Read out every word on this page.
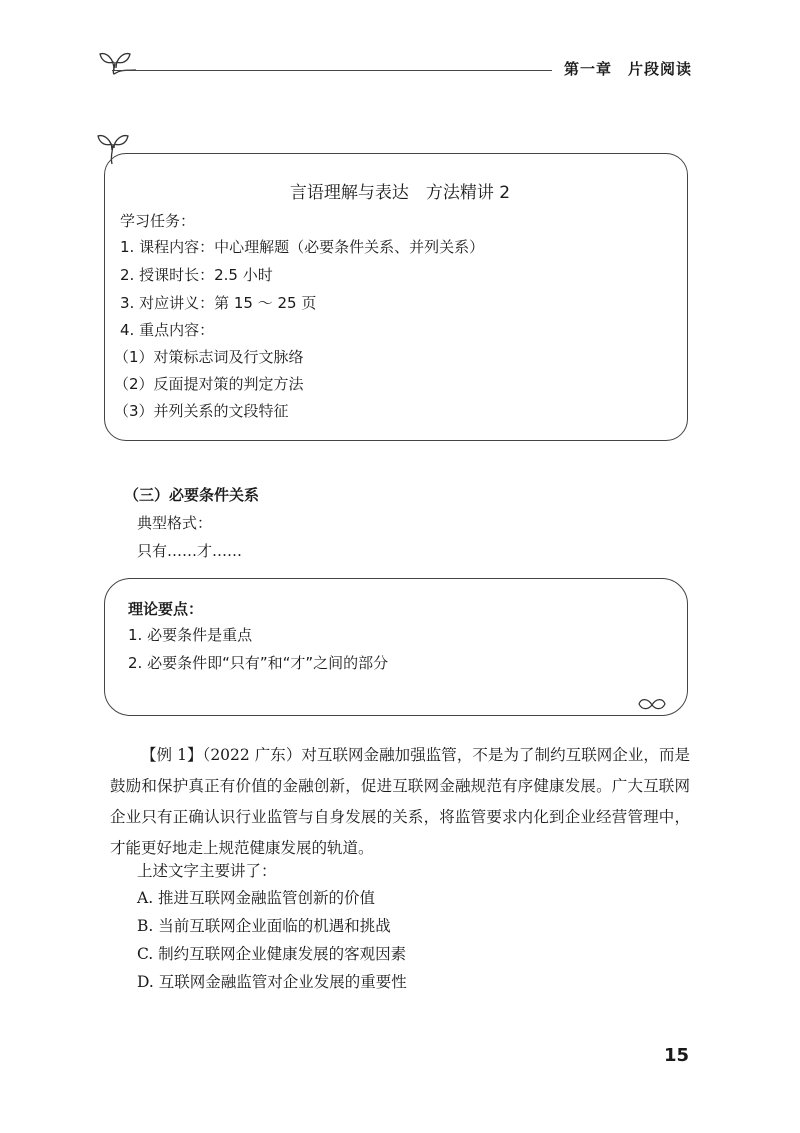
第一章　片段阅读
言语理解与表达　方法精讲 2
学习任务：
1. 课程内容：中心理解题（必要条件关系、并列关系）
2. 授课时长：2.5 小时
3. 对应讲义：第 15 ～ 25 页
4. 重点内容：
（1）对策标志词及行文脉络
（2）反面提对策的判定方法
（3）并列关系的文段特征
（三）必要条件关系
典型格式：
只有……才……
理论要点：
1. 必要条件是重点
2. 必要条件即“只有”和“才”之间的部分
【例 1】（2022 广东）对互联网金融加强监管，不是为了制约互联网企业，而是鼓励和保护真正有价值的金融创新，促进互联网金融规范有序健康发展。广大互联网企业只有正确认识行业监管与自身发展的关系，将监管要求内化到企业经营管理中，才能更好地走上规范健康发展的轨道。
上述文字主要讲了：
A. 推进互联网金融监管创新的价值
B. 当前互联网企业面临的机遇和挑战
C. 制约互联网企业健康发展的客观因素
D. 互联网金融监管对企业发展的重要性
15
